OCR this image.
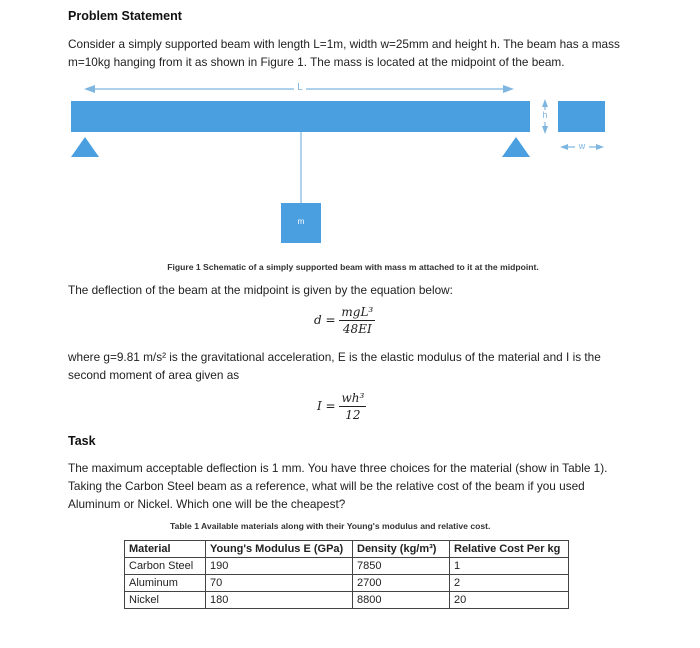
Problem Statement
Consider a simply supported beam with length L=1m, width w=25mm and height h. The beam has a mass
m=10kg hanging from it as shown in Figure 1. The mass is located at the midpoint of the beam.
L
h
w
m
Figure 1 Schematic of a simply supported beam with mass m attached to it at the midpoint.
The deflection of the beam at the midpoint is given by the equation below:
$d = \frac{\text{mgL³}}{48EI}$
where g=9.81 m/s² is the gravitational acceleration, E is the elastic modulus of the material and I is the
second moment of area given as
$I = \frac{\text{wh³}}{12}$
Task
The maximum acceptable deflection is 1 mm. You have three choices for the material (show in Table 1).
Taking the Carbon Steel beam as a reference, what will be the relative cost of the beam if you used
Aluminum or Nickel. Which one will be the cheapest?
Table 1 Available materials along with their Young's modulus and relative cost.
Material	Young's Modulus E (GPa)	Density (kg/m³)	Relative Cost Per kg
Carbon Steel	190	7850	1
Aluminum	70	2700	2
Nickel	180	8800	20
